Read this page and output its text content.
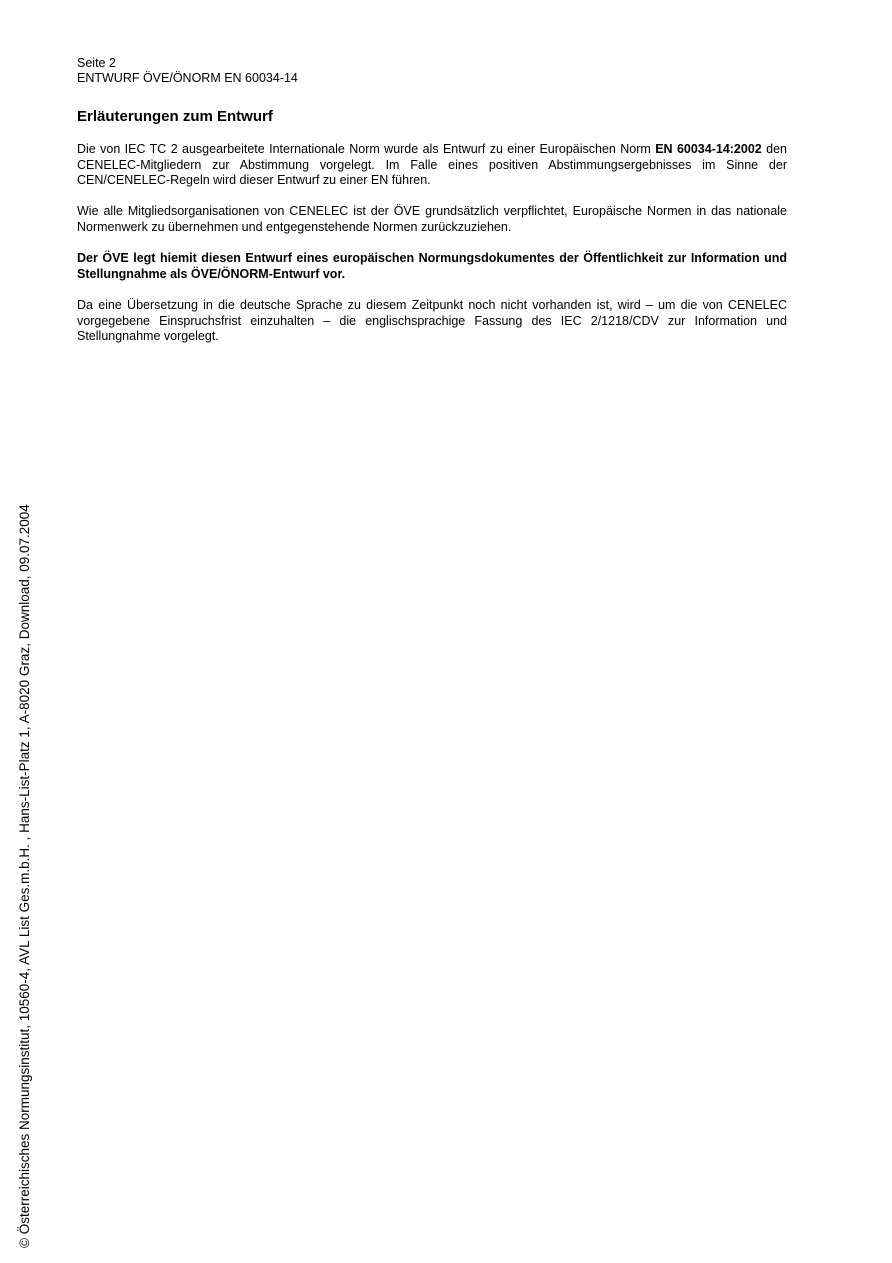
Seite 2
ENTWURF ÖVE/ÖNORM EN 60034-14
Erläuterungen zum Entwurf

Die von IEC TC 2 ausgearbeitete Internationale Norm wurde als Entwurf zu einer Europäischen Norm EN 60034-14:2002 den CENELEC-Mitgliedern zur Abstimmung vorgelegt. Im Falle eines positiven Abstimmungsergebnisses im Sinne der CEN/CENELEC-Regeln wird dieser Entwurf zu einer EN führen.

Wie alle Mitgliedsorganisationen von CENELEC ist der ÖVE grundsätzlich verpflichtet, Europäische Normen in das nationale Normenwerk zu übernehmen und entgegenstehende Normen zurückzuziehen.

Der ÖVE legt hiemit diesen Entwurf eines europäischen Normungsdokumentes der Öffentlichkeit zur Information und Stellungnahme als ÖVE/ÖNORM-Entwurf vor.

Da eine Übersetzung in die deutsche Sprache zu diesem Zeitpunkt noch nicht vorhanden ist, wird – um die von CENELEC vorgegebene Einspruchsfrist einzuhalten – die englischsprachige Fassung des IEC 2/1218/CDV zur Information und Stellungnahme vorgelegt.

© Österreichisches Normungsinstitut, 10560-4, AVL List Ges.m.b.H. , Hans-List-Platz 1, A-8020 Graz, Download, 09.07.2004
